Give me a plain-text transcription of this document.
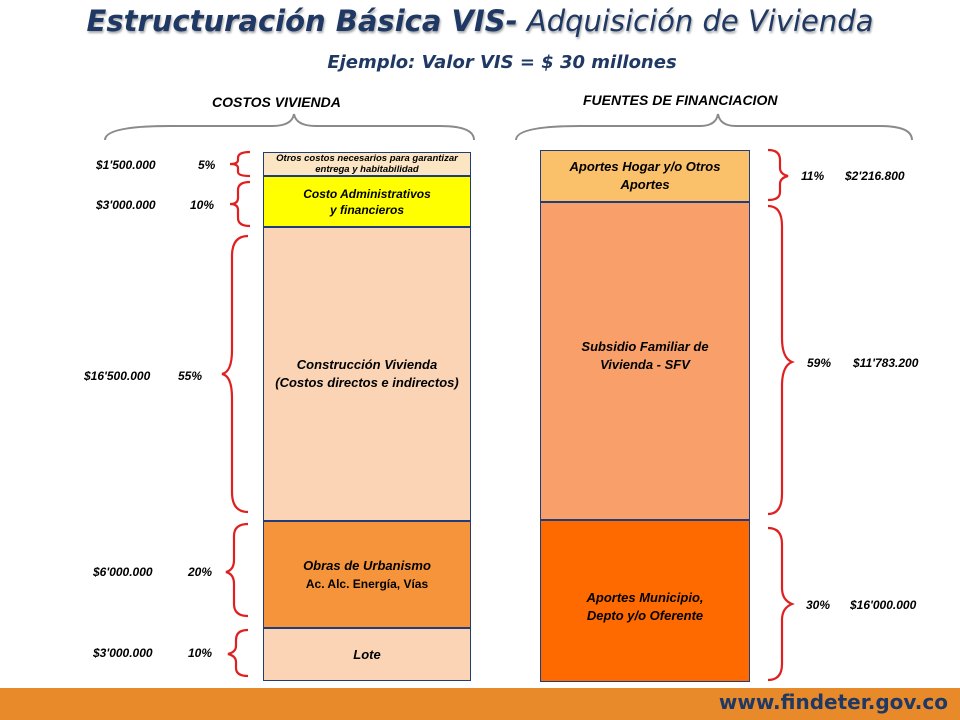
Estructuración Básica VIS- Adquisición de Vivienda
Ejemplo: Valor VIS = $ 30 millones
COSTOS VIVIENDA	FUENTES DE FINANCIACION
Otros costos necesarios para garantizar entrega y habitabilidad
Costo Administrativos
y financieros
Construcción Vivienda
(Costos directos e indirectos)
Obras de Urbanismo
Ac. Alc. Energía, Vías
Lote
Aportes Hogar y/o Otros
Aportes
Subsidio Familiar de
Vivienda - SFV
Aportes Municipio,
Depto y/o Oferente
$1'500.000	5%
$3'000.000	10%
$16'500.000 55%
$6'000.000	20%
$3'000.000	10%
11% $2'216.800
59% $11'783.200
30% $16'000.000
www.findeter.gov.co
